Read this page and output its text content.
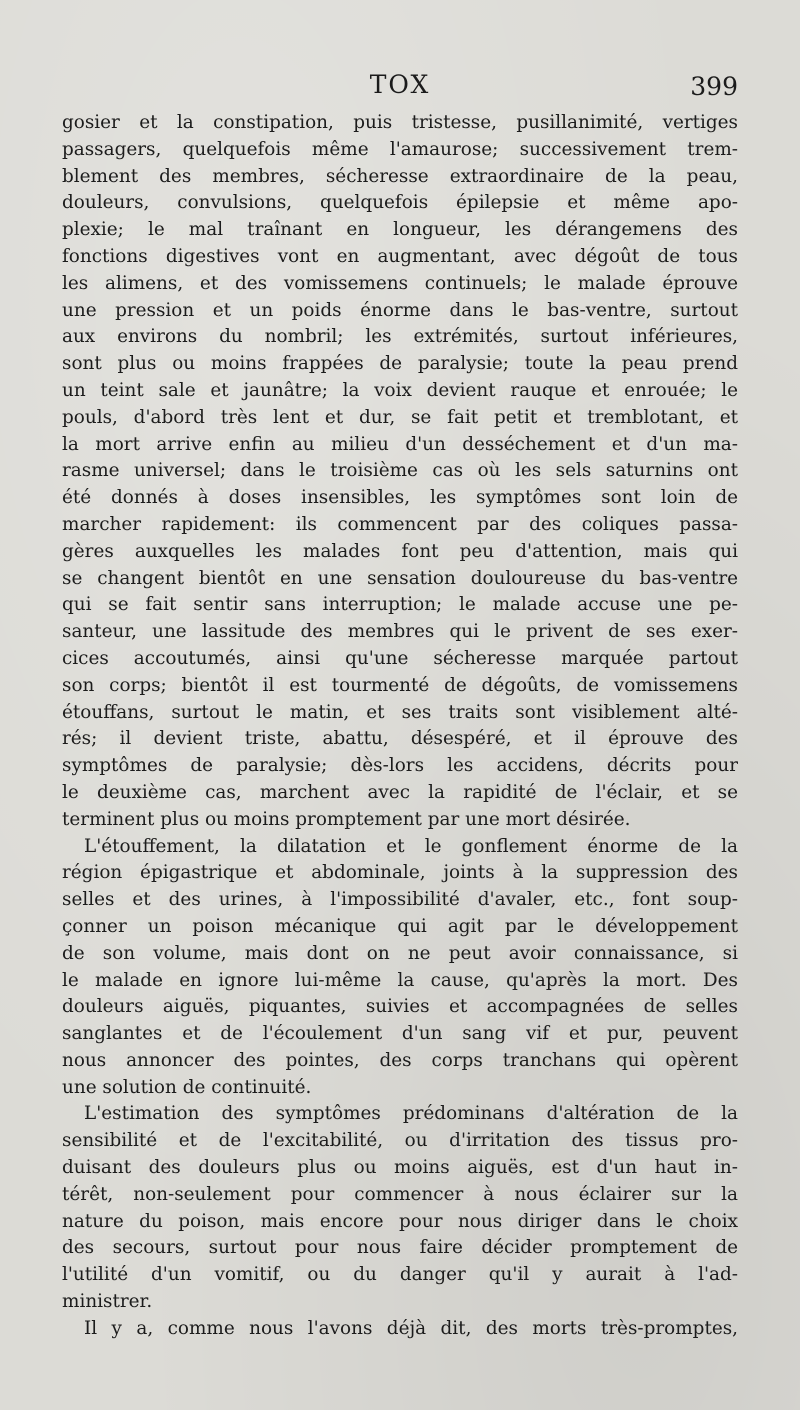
TOX	399
gosier et la constipation, puis tristesse, pusillanimité, vertiges
passagers, quelquefois même l'amaurose; successivement trem-
blement des membres, sécheresse extraordinaire de la peau,
douleurs, convulsions, quelquefois épilepsie et même apo-
plexie; le mal traînant en longueur, les dérangemens des
fonctions digestives vont en augmentant, avec dégoût de tous
les alimens, et des vomissemens continuels; le malade éprouve
une pression et un poids énorme dans le bas-ventre, surtout
aux environs du nombril; les extrémités, surtout inférieures,
sont plus ou moins frappées de paralysie; toute la peau prend
un teint sale et jaunâtre; la voix devient rauque et enrouée; le
pouls, d'abord très lent et dur, se fait petit et tremblotant, et
la mort arrive enfin au milieu d'un desséchement et d'un ma-
rasme universel; dans le troisième cas où les sels saturnins ont
été donnés à doses insensibles, les symptômes sont loin de
marcher rapidement: ils commencent par des coliques passa-
gères auxquelles les malades font peu d'attention, mais qui
se changent bientôt en une sensation douloureuse du bas-ventre
qui se fait sentir sans interruption; le malade accuse une pe-
santeur, une lassitude des membres qui le privent de ses exer-
cices accoutumés, ainsi qu'une sécheresse marquée partout
son corps; bientôt il est tourmenté de dégoûts, de vomissemens
étouffans, surtout le matin, et ses traits sont visiblement alté-
rés; il devient triste, abattu, désespéré, et il éprouve des
symptômes de paralysie; dès-lors les accidens, décrits pour
le deuxième cas, marchent avec la rapidité de l'éclair, et se
terminent plus ou moins promptement par une mort désirée.
L'étouffement, la dilatation et le gonflement énorme de la
région épigastrique et abdominale, joints à la suppression des
selles et des urines, à l'impossibilité d'avaler, etc., font soup-
çonner un poison mécanique qui agit par le développement
de son volume, mais dont on ne peut avoir connaissance, si
le malade en ignore lui-même la cause, qu'après la mort. Des
douleurs aiguës, piquantes, suivies et accompagnées de selles
sanglantes et de l'écoulement d'un sang vif et pur, peuvent
nous annoncer des pointes, des corps tranchans qui opèrent
une solution de continuité.
L'estimation des symptômes prédominans d'altération de la
sensibilité et de l'excitabilité, ou d'irritation des tissus pro-
duisant des douleurs plus ou moins aiguës, est d'un haut in-
térêt, non-seulement pour commencer à nous éclairer sur la
nature du poison, mais encore pour nous diriger dans le choix
des secours, surtout pour nous faire décider promptement de
l'utilité d'un vomitif, ou du danger qu'il y aurait à l'ad-
ministrer.
Il y a, comme nous l'avons déjà dit, des morts très-promptes,
